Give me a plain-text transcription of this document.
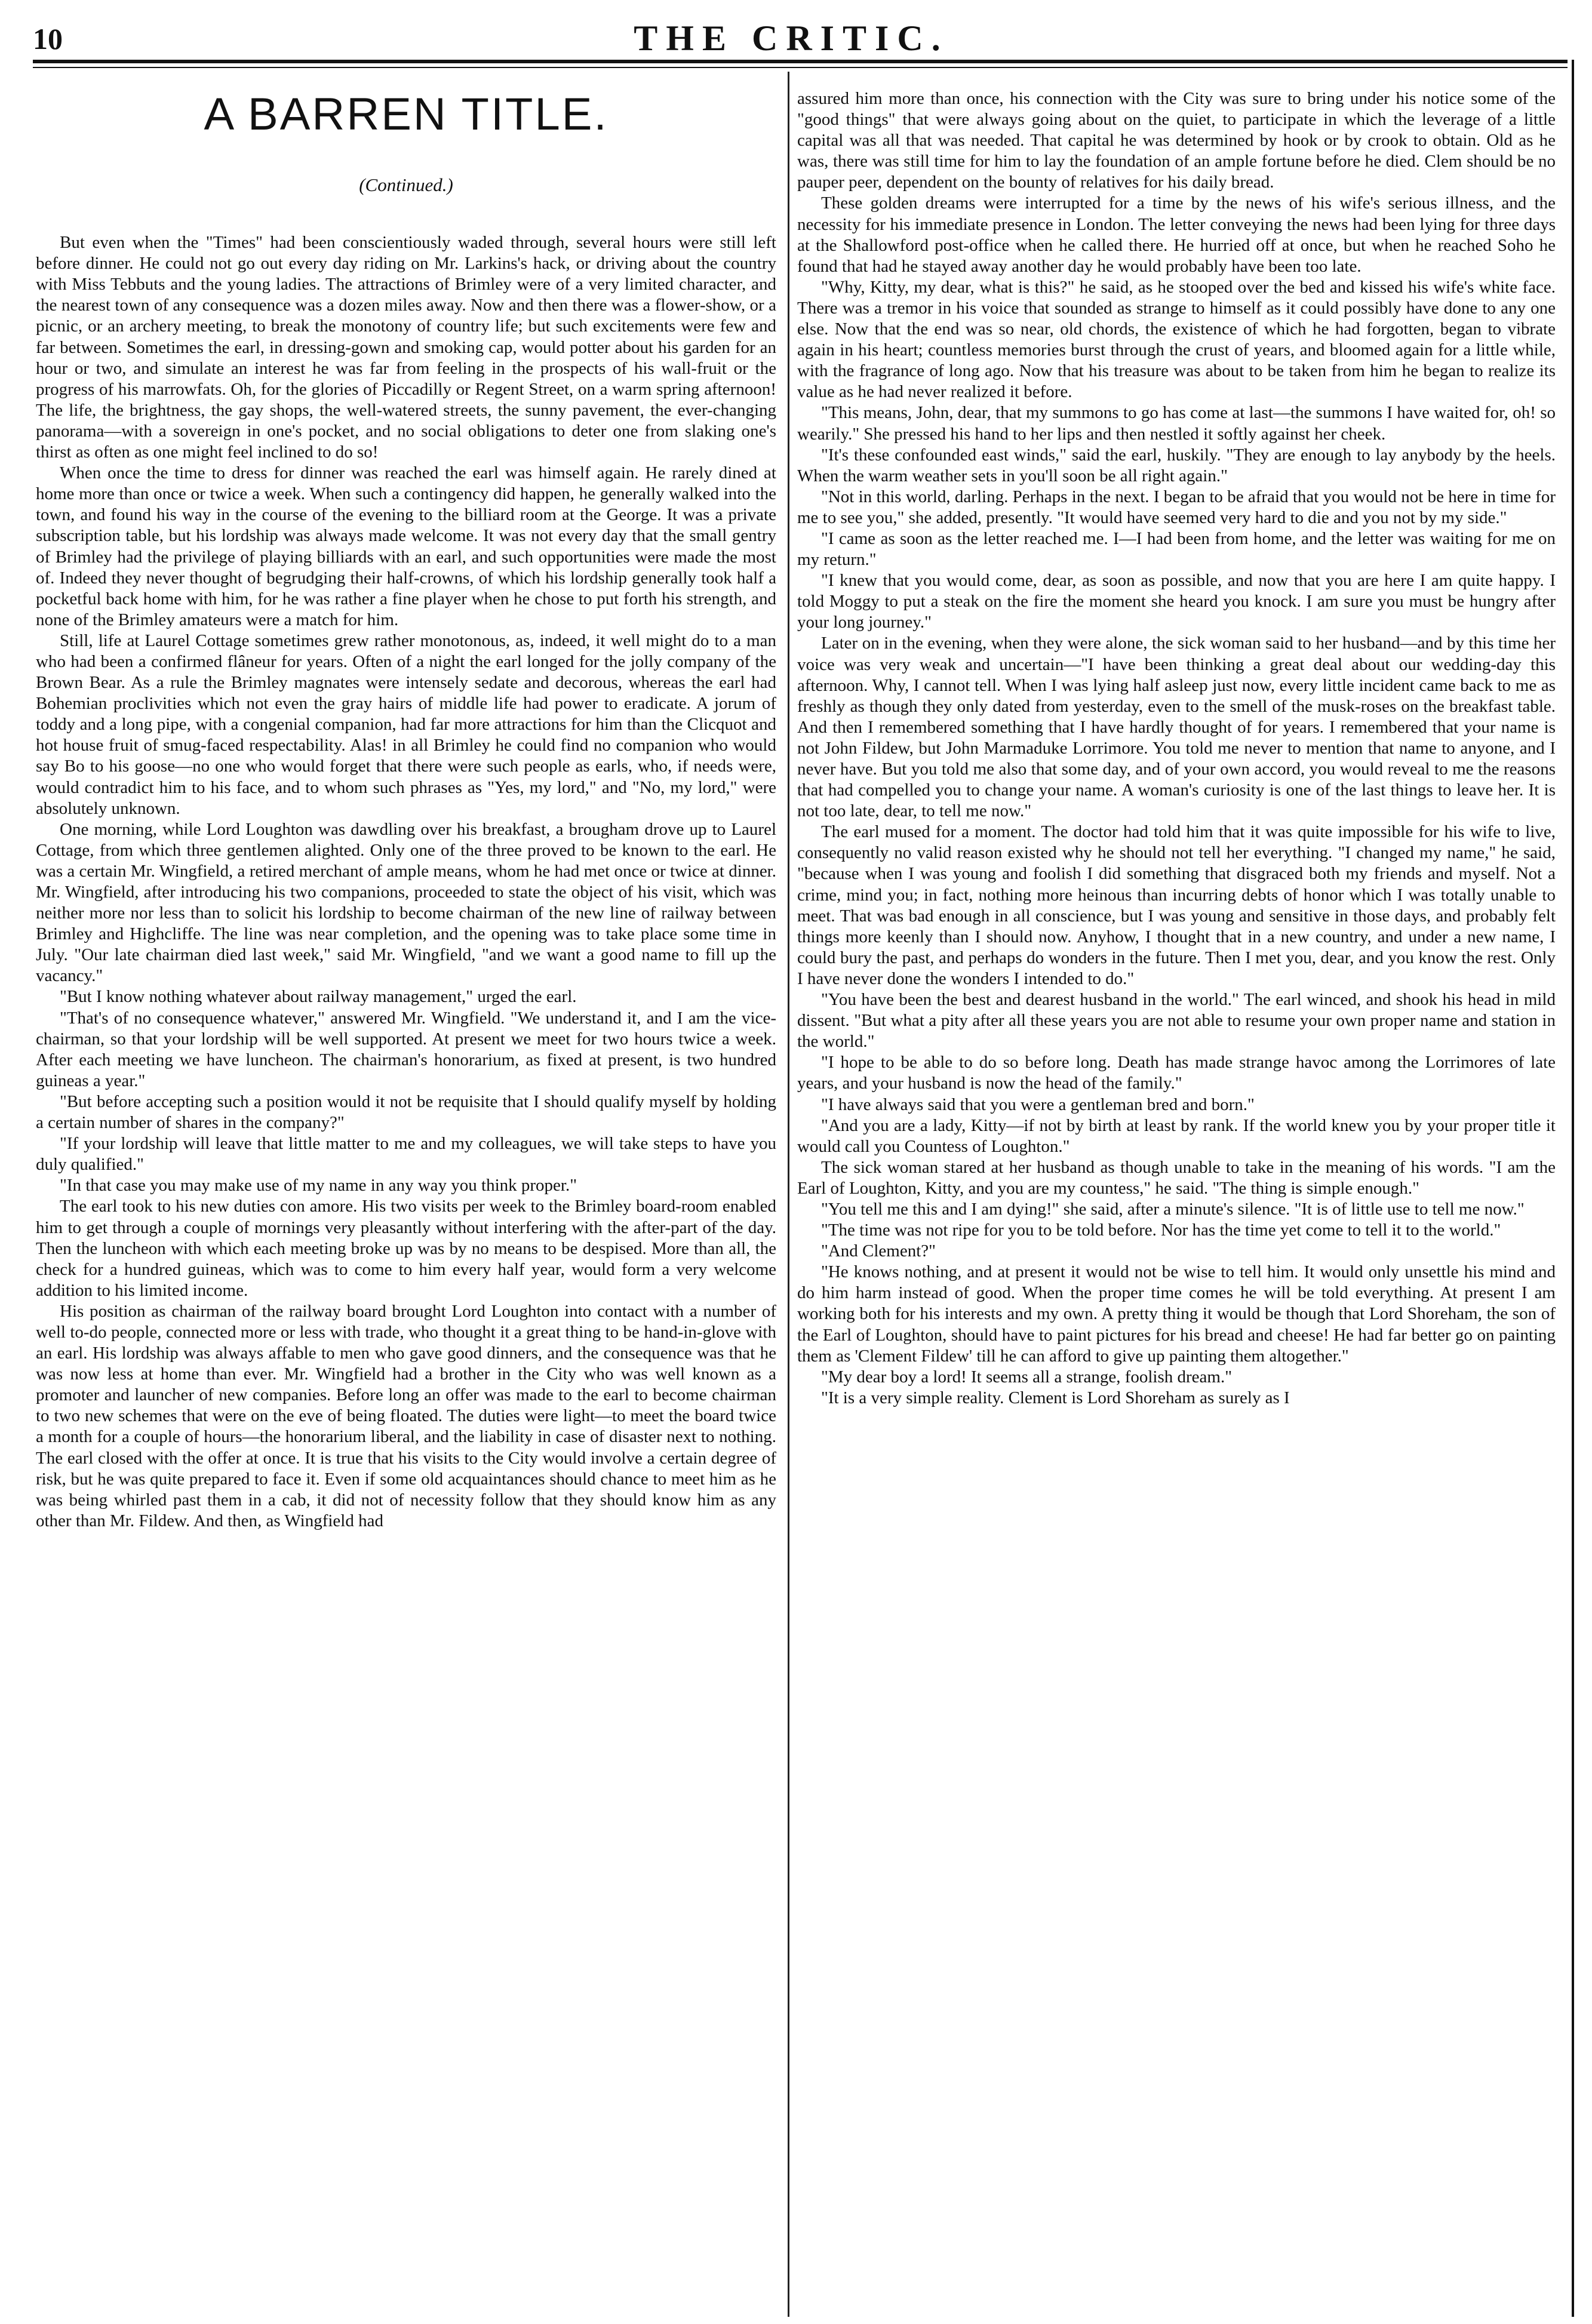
10	THE CRITIC.
A BARREN TITLE.
(Continued.)

But even when the "Times" had been conscientiously waded through, several hours were still left before dinner. He could not go out every day riding on Mr. Larkins's hack, or driving about the country with Miss Tebbuts and the young ladies. The attractions of Brimley were of a very limited character, and the nearest town of any consequence was a dozen miles away. Now and then there was a flower-show, or a picnic, or an archery meeting, to break the monotony of country life; but such excitements were few and far between. Sometimes the earl, in dressing-gown and smoking cap, would potter about his garden for an hour or two, and simulate an interest he was far from feeling in the prospects of his wall-fruit or the progress of his marrowfats. Oh, for the glories of Piccadilly or Regent Street, on a warm spring afternoon! The life, the brightness, the gay shops, the well-watered streets, the sunny pavement, the ever-changing panorama—with a sovereign in one's pocket, and no social obligations to deter one from slaking one's thirst as often as one might feel inclined to do so!

When once the time to dress for dinner was reached the earl was himself again. He rarely dined at home more than once or twice a week. When such a contingency did happen, he generally walked into the town, and found his way in the course of the evening to the billiard room at the George. It was a private subscription table, but his lordship was always made welcome. It was not every day that the small gentry of Brimley had the privilege of playing billiards with an earl, and such opportunities were made the most of. Indeed they never thought of begrudging their half-crowns, of which his lordship generally took half a pocketful back home with him, for he was rather a fine player when he chose to put forth his strength, and none of the Brimley amateurs were a match for him.

Still, life at Laurel Cottage sometimes grew rather monotonous, as, indeed, it well might do to a man who had been a confirmed flâneur for years. Often of a night the earl longed for the jolly company of the Brown Bear. As a rule the Brimley magnates were intensely sedate and decorous, whereas the earl had Bohemian proclivities which not even the gray hairs of middle life had power to eradicate. A jorum of toddy and a long pipe, with a congenial companion, had far more attractions for him than the Clicquot and hot house fruit of smug-faced respectability. Alas! in all Brimley he could find no companion who would say Bo to his goose—no one who would forget that there were such people as earls, who, if needs were, would contradict him to his face, and to whom such phrases as "Yes, my lord," and "No, my lord," were absolutely unknown.

One morning, while Lord Loughton was dawdling over his breakfast, a brougham drove up to Laurel Cottage, from which three gentlemen alighted. Only one of the three proved to be known to the earl. He was a certain Mr. Wingfield, a retired merchant of ample means, whom he had met once or twice at dinner. Mr. Wingfield, after introducing his two companions, proceeded to state the object of his visit, which was neither more nor less than to solicit his lordship to become chairman of the new line of railway between Brimley and Highcliffe. The line was near completion, and the opening was to take place some time in July. "Our late chairman died last week," said Mr. Wingfield, "and we want a good name to fill up the vacancy."

"But I know nothing whatever about railway management," urged the earl.

"That's of no consequence whatever," answered Mr. Wingfield. "We understand it, and I am the vice-chairman, so that your lordship will be well supported. At present we meet for two hours twice a week. After each meeting we have luncheon. The chairman's honorarium, as fixed at present, is two hundred guineas a year."

"But before accepting such a position would it not be requisite that I should qualify myself by holding a certain number of shares in the company?"

"If your lordship will leave that little matter to me and my colleagues, we will take steps to have you duly qualified."

"In that case you may make use of my name in any way you think proper."

The earl took to his new duties con amore. His two visits per week to the Brimley board-room enabled him to get through a couple of mornings very pleasantly without interfering with the after-part of the day. Then the luncheon with which each meeting broke up was by no means to be despised. More than all, the check for a hundred guineas, which was to come to him every half year, would form a very welcome addition to his limited income.

His position as chairman of the railway board brought Lord Loughton into contact with a number of well to-do people, connected more or less with trade, who thought it a great thing to be hand-in-glove with an earl. His lordship was always affable to men who gave good dinners, and the consequence was that he was now less at home than ever. Mr. Wingfield had a brother in the City who was well known as a promoter and launcher of new companies. Before long an offer was made to the earl to become chairman to two new schemes that were on the eve of being floated. The duties were light—to meet the board twice a month for a couple of hours—the honorarium liberal, and the liability in case of disaster next to nothing. The earl closed with the offer at once. It is true that his visits to the City would involve a certain degree of risk, but he was quite prepared to face it. Even if some old acquaintances should chance to meet him as he was being whirled past them in a cab, it did not of necessity follow that they should know him as any other than Mr. Fildew. And then, as Wingfield had

assured him more than once, his connection with the City was sure to bring under his notice some of the "good things" that were always going about on the quiet, to participate in which the leverage of a little capital was all that was needed. That capital he was determined by hook or by crook to obtain. Old as he was, there was still time for him to lay the foundation of an ample fortune before he died. Clem should be no pauper peer, dependent on the bounty of relatives for his daily bread.

These golden dreams were interrupted for a time by the news of his wife's serious illness, and the necessity for his immediate presence in London. The letter conveying the news had been lying for three days at the Shallowford post-office when he called there. He hurried off at once, but when he reached Soho he found that had he stayed away another day he would probably have been too late.

"Why, Kitty, my dear, what is this?" he said, as he stooped over the bed and kissed his wife's white face. There was a tremor in his voice that sounded as strange to himself as it could possibly have done to any one else. Now that the end was so near, old chords, the existence of which he had forgotten, began to vibrate again in his heart; countless memories burst through the crust of years, and bloomed again for a little while, with the fragrance of long ago. Now that his treasure was about to be taken from him he began to realize its value as he had never realized it before.

"This means, John, dear, that my summons to go has come at last—the summons I have waited for, oh! so wearily." She pressed his hand to her lips and then nestled it softly against her cheek.

"It's these confounded east winds," said the earl, huskily. "They are enough to lay anybody by the heels. When the warm weather sets in you'll soon be all right again."

"Not in this world, darling. Perhaps in the next. I began to be afraid that you would not be here in time for me to see you," she added, presently. "It would have seemed very hard to die and you not by my side."

"I came as soon as the letter reached me. I—I had been from home, and the letter was waiting for me on my return."

"I knew that you would come, dear, as soon as possible, and now that you are here I am quite happy. I told Moggy to put a steak on the fire the moment she heard you knock. I am sure you must be hungry after your long journey."

Later on in the evening, when they were alone, the sick woman said to her husband—and by this time her voice was very weak and uncertain—"I have been thinking a great deal about our wedding-day this afternoon. Why, I cannot tell. When I was lying half asleep just now, every little incident came back to me as freshly as though they only dated from yesterday, even to the smell of the musk-roses on the breakfast table. And then I remembered something that I have hardly thought of for years. I remembered that your name is not John Fildew, but John Marmaduke Lorrimore. You told me never to mention that name to anyone, and I never have. But you told me also that some day, and of your own accord, you would reveal to me the reasons that had compelled you to change your name. A woman's curiosity is one of the last things to leave her. It is not too late, dear, to tell me now."

The earl mused for a moment. The doctor had told him that it was quite impossible for his wife to live, consequently no valid reason existed why he should not tell her everything. "I changed my name," he said, "because when I was young and foolish I did something that disgraced both my friends and myself. Not a crime, mind you; in fact, nothing more heinous than incurring debts of honor which I was totally unable to meet. That was bad enough in all conscience, but I was young and sensitive in those days, and probably felt things more keenly than I should now. Anyhow, I thought that in a new country, and under a new name, I could bury the past, and perhaps do wonders in the future. Then I met you, dear, and you know the rest. Only I have never done the wonders I intended to do."

"You have been the best and dearest husband in the world." The earl winced, and shook his head in mild dissent. "But what a pity after all these years you are not able to resume your own proper name and station in the world."

"I hope to be able to do so before long. Death has made strange havoc among the Lorrimores of late years, and your husband is now the head of the family."

"I have always said that you were a gentleman bred and born."

"And you are a lady, Kitty—if not by birth at least by rank. If the world knew you by your proper title it would call you Countess of Loughton."

The sick woman stared at her husband as though unable to take in the meaning of his words. "I am the Earl of Loughton, Kitty, and you are my countess," he said. "The thing is simple enough."

"You tell me this and I am dying!" she said, after a minute's silence. "It is of little use to tell me now."

"The time was not ripe for you to be told before. Nor has the time yet come to tell it to the world."

"And Clement?"

"He knows nothing, and at present it would not be wise to tell him. It would only unsettle his mind and do him harm instead of good. When the proper time comes he will be told everything. At present I am working both for his interests and my own. A pretty thing it would be though that Lord Shoreham, the son of the Earl of Loughton, should have to paint pictures for his bread and cheese! He had far better go on painting them as 'Clement Fildew' till he can afford to give up painting them altogether."

"My dear boy a lord! It seems all a strange, foolish dream."

"It is a very simple reality. Clement is Lord Shoreham as surely as I
